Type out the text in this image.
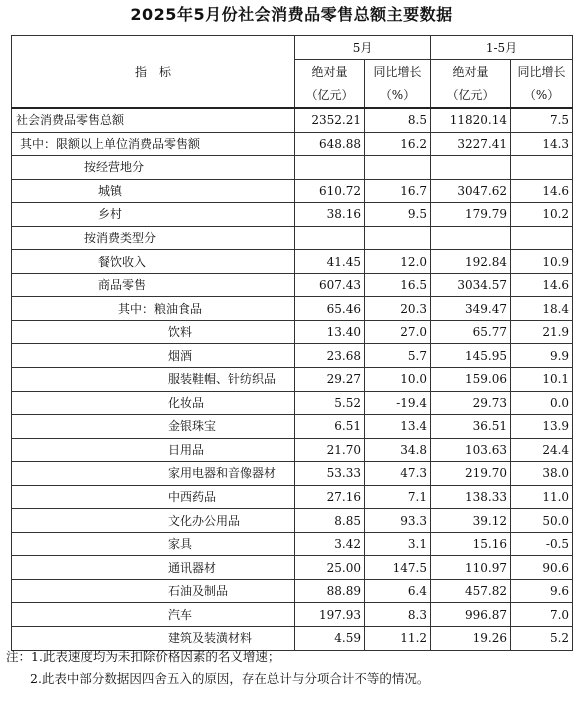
2025年5月份社会消费品零售总额主要数据
指　标	5月		1-5月	
	绝对量	同比增长	绝对量	同比增长
	（亿元）	（%）	（亿元）	（%）
社会消费品零售总额	2352.21	8.5	11820.14	7.5
其中：限额以上单位消费品零售额	648.88	16.2	3227.41	14.3
按经营地分				
城镇	610.72	16.7	3047.62	14.6
乡村	38.16	9.5	179.79	10.2
按消费类型分				
餐饮收入	41.45	12.0	192.84	10.9
商品零售	607.43	16.5	3034.57	14.6
其中：粮油食品	65.46	20.3	349.47	18.4
饮料	13.40	27.0	65.77	21.9
烟酒	23.68	5.7	145.95	9.9
服装鞋帽、针纺织品	29.27	10.0	159.06	10.1
化妆品	5.52	-19.4	29.73	0.0
金银珠宝	6.51	13.4	36.51	13.9
日用品	21.70	34.8	103.63	24.4
家用电器和音像器材	53.33	47.3	219.70	38.0
中西药品	27.16	7.1	138.33	11.0
文化办公用品	8.85	93.3	39.12	50.0
家具	3.42	3.1	15.16	-0.5
通讯器材	25.00	147.5	110.97	90.6
石油及制品	88.89	6.4	457.82	9.6
汽车	197.93	8.3	996.87	7.0
建筑及装潢材料	4.59	11.2	19.26	5.2
注：1.此表速度均为未扣除价格因素的名义增速；
2.此表中部分数据因四舍五入的原因，存在总计与分项合计不等的情况。
